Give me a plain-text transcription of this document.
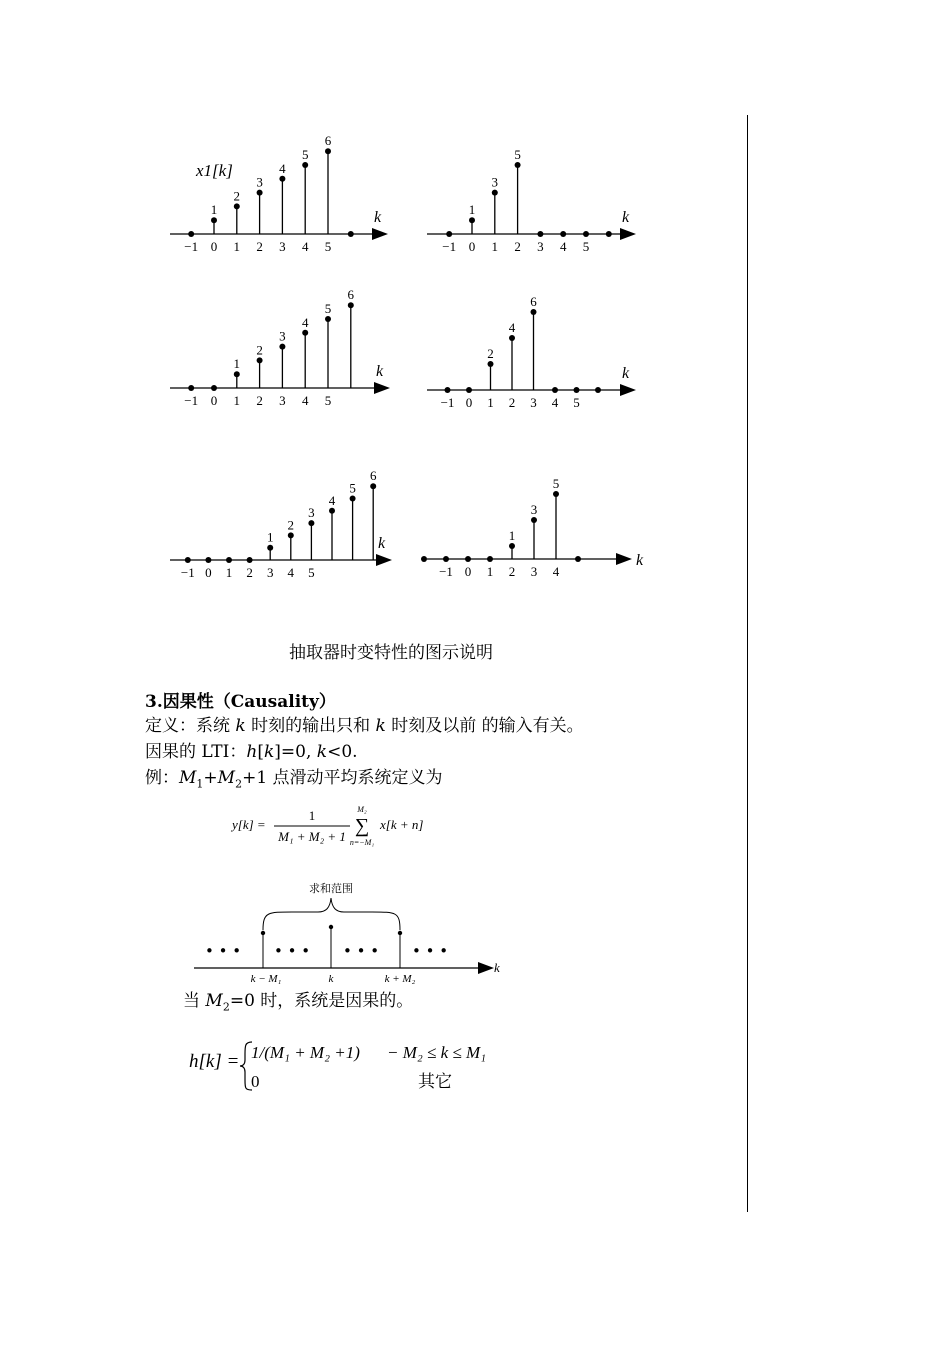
k
1
2
3
4
5
6
−1 0 1 2 3 4 5
x1[k]
k
1
3
5
−1 0 1 2 3 4 5
k
1
2
3
4
5
6
−1 0 1 2 3 4 5
k
2
4
6
−1 0 1 2 3 4 5
k
1
2
3
4
5
6
−1 0 1 2 3 4 5
k
1
3
5
−1 0 1 2 3 4
y[k] =
1
M₁ + M₂ + 1
M₂
∑
n=−M₁
x[k + n]
求和范围
• • • • • • • • • • • •
k − M₁	k	k + M₂
k
h[k] = 1/(M₁ + M₂ +1) − M₂ ≤ k ≤ M₁
0	其它
抽取器时变特性的图示说明
3.因果性（Causality）
定义：系统 k 时刻的输出只和 k 时刻及以前 的输入有关。
因果的 LTI：h[k]=0, k<0.
例：$M_1+M_2+1$ 点滑动平均系统定义为
当 $M_2=0$ 时，系统是因果的。
